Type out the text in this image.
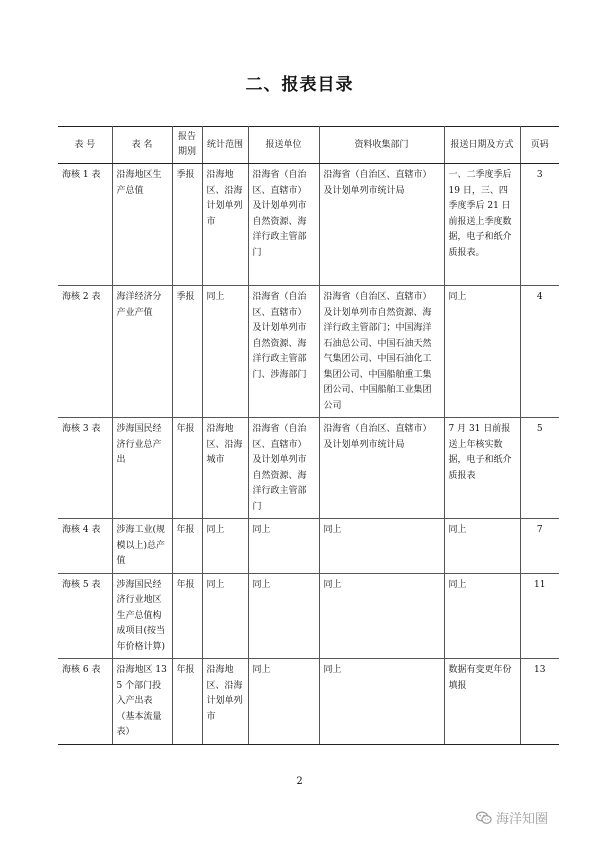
二、报表目录
表 号	表 名	报告期别	统计范围	报送单位	资料收集部门	报送日期及方式	页码
海核 1 表	沿海地区生产总值	季报	沿海地区、沿海计划单列市	沿海省（自治区、直辖市）及计划单列市自然资源、海洋行政主管部门	沿海省（自治区、直辖市）及计划单列市统计局	一、二季度季后 19 日，三、四季度季后 21 日前报送上季度数据，电子和纸介质报表。	3
海核 2 表	海洋经济分产业产值	季报	同上	沿海省（自治区、直辖市）及计划单列市自然资源、海洋行政主管部门、涉海部门	沿海省（自治区、直辖市）及计划单列市自然资源、海洋行政主管部门；中国海洋石油总公司、中国石油天然气集团公司、中国石油化工集团公司、中国船舶重工集团公司、中国船舶工业集团公司	同上	4
海核 3 表	涉海国民经济行业总产出	年报	沿海地区、沿海城市	沿海省（自治区、直辖市）及计划单列市自然资源、海洋行政主管部门	沿海省（自治区、直辖市）及计划单列市统计局	7 月 31 日前报送上年核实数据，电子和纸介质报表	5
海核 4 表	涉海工业(规模以上)总产值	年报	同上	同上	同上	同上	7
海核 5 表	涉海国民经济行业地区生产总值构成项目(按当年价格计算)	年报	同上	同上	同上	同上	11
海核 6 表	沿海地区 135 个部门投入产出表（基本流量表）	年报	沿海地区、沿海计划单列市	同上	同上	数据有变更年份填报	13
2
海洋知圈
